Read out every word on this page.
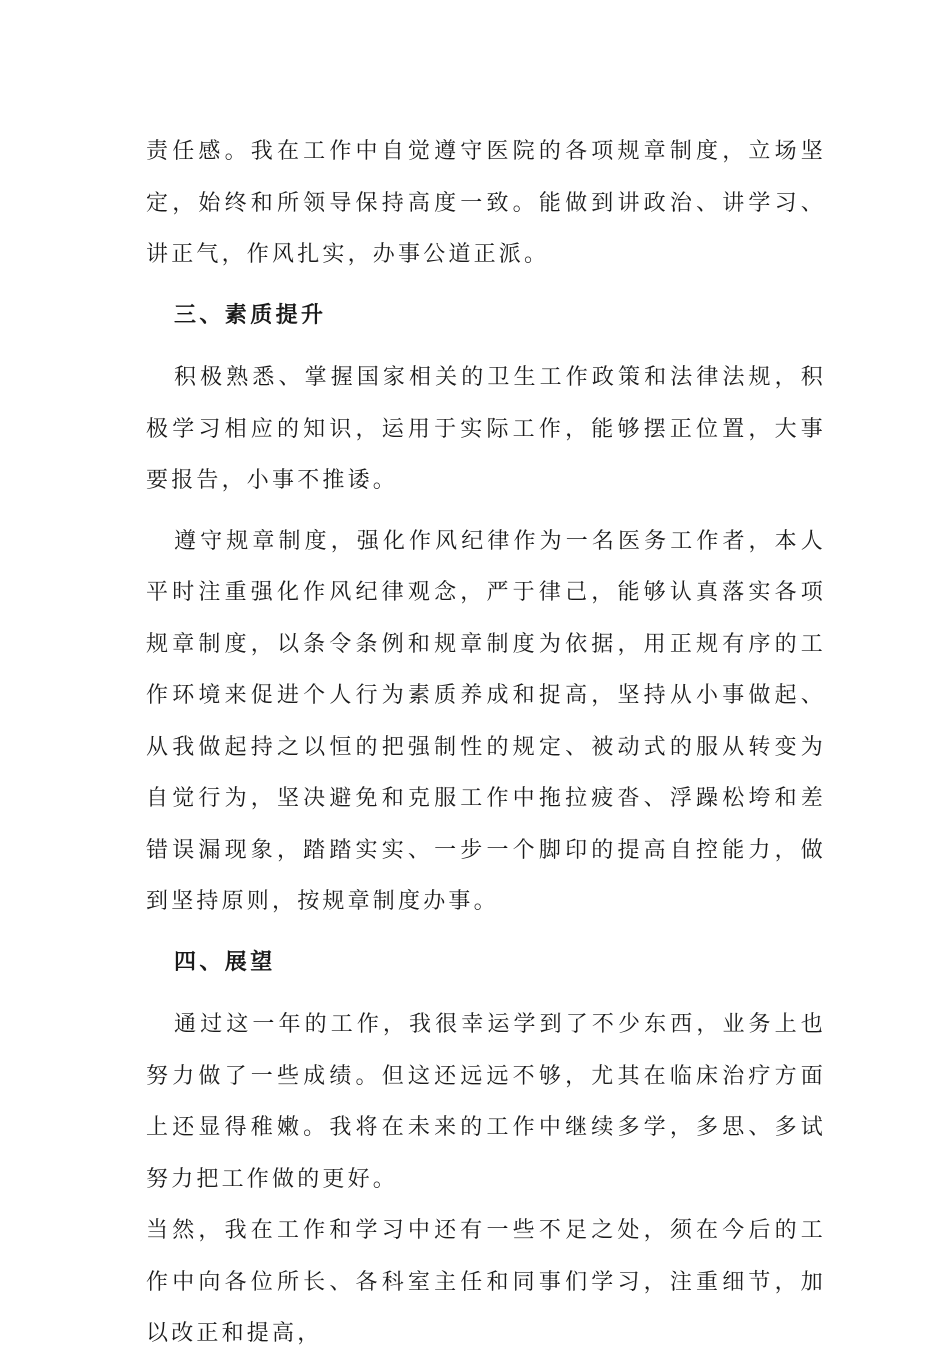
责任感。我在工作中自觉遵守医院的各项规章制度，立场坚定，始终和所领导保持高度一致。能做到讲政治、讲学习、讲正气，作风扎实，办事公道正派。

三、素质提升

积极熟悉、掌握国家相关的卫生工作政策和法律法规，积极学习相应的知识，运用于实际工作，能够摆正位置，大事要报告，小事不推诿。

遵守规章制度，强化作风纪律作为一名医务工作者，本人平时注重强化作风纪律观念，严于律己，能够认真落实各项规章制度，以条令条例和规章制度为依据，用正规有序的工作环境来促进个人行为素质养成和捉高，坚持从小事做起、从我做起持之以恒的把强制性的规定、被动式的服从转变为自觉行为，坚决避免和克服工作中拖拉疲沓、浮躁松垮和差错误漏现象，踏踏实实、一步一个脚印的提高自控能力，做到坚持原则，按规章制度办事。

四、展望

通过这一年的工作，我很幸运学到了不少东西，业务上也努力做了一些成绩。但这还远远不够，尤其在临床治疗方面上还显得稚嫩。我将在未来的工作中继续多学，多思、多试努力把工作做的更好。

当然，我在工作和学习中还有一些不足之处，须在今后的工作中向各位所长、各科室主任和同事们学习，注重细节，加以改正和提高，
